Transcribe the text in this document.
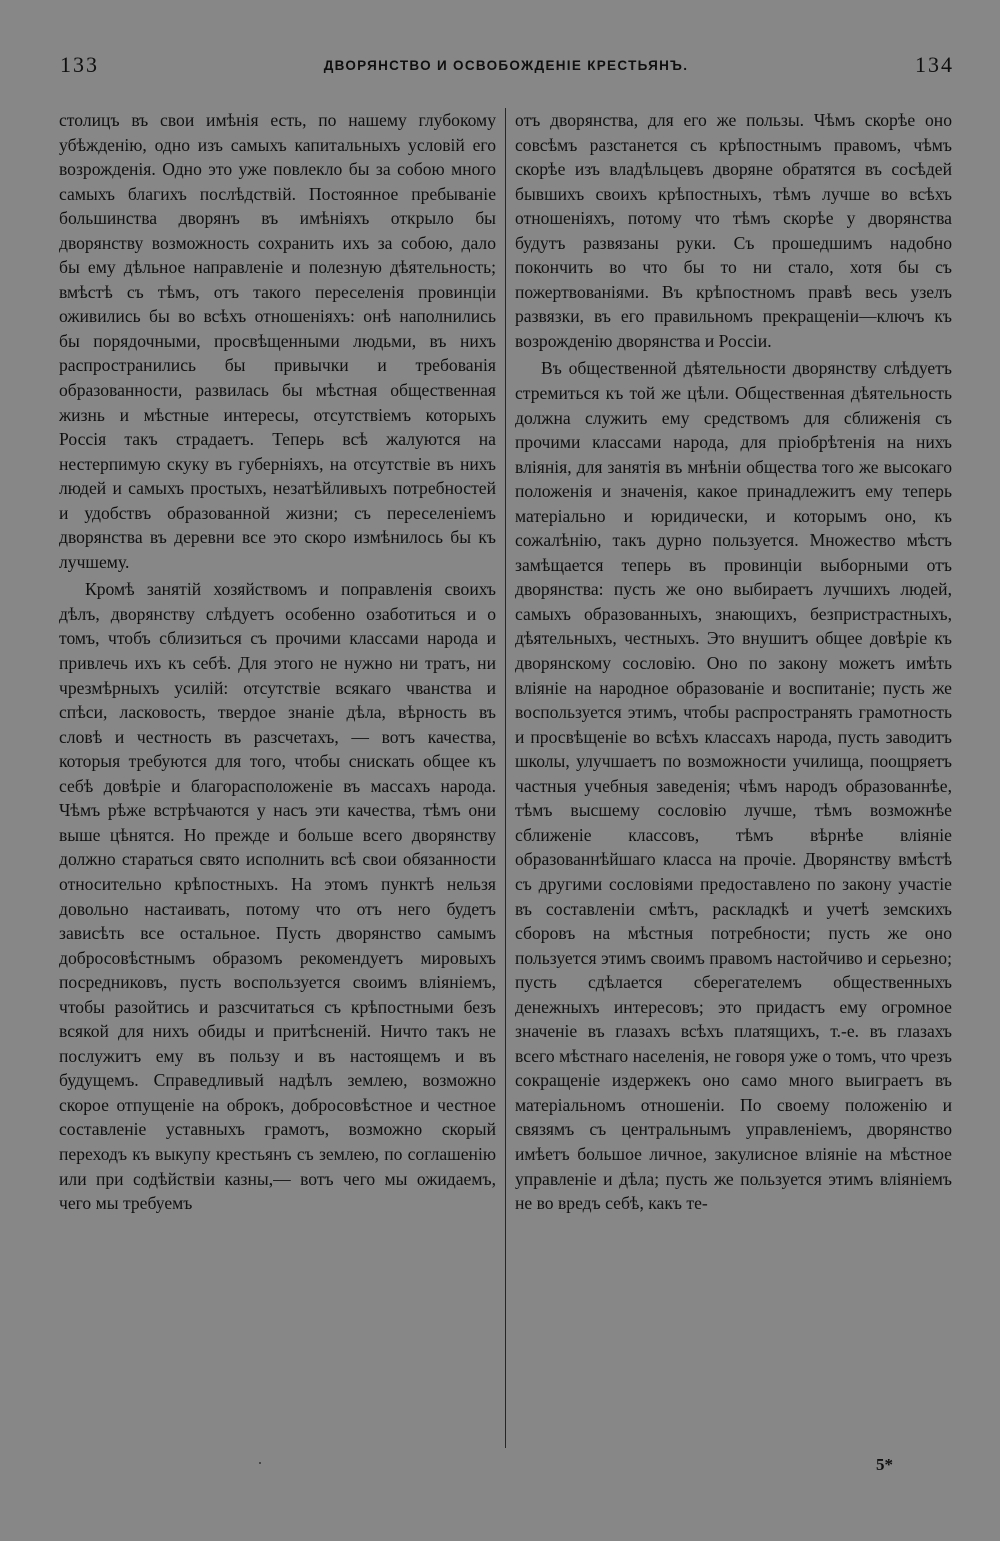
133	ДВОРЯНСТВО И ОСВОБОЖДЕНІЕ КРЕСТЬЯНЪ.	134

столицъ въ свои имѣнія есть, по нашему глубокому убѣжденію, одно изъ самыхъ капитальныхъ условій его возрожденія. Одно это уже повлекло бы за собою много самыхъ благихъ послѣдствій. Постоянное пребываніе большинства дворянъ въ имѣніяхъ открыло бы дворянству возможность сохранить ихъ за собою, дало бы ему дѣльное направленіе и полезную дѣятельность; вмѣстѣ съ тѣмъ, отъ такого переселенія провинціи оживились бы во всѣхъ отношеніяхъ: онѣ наполнились бы порядочными, просвѣщенными людьми, въ нихъ распространились бы привычки и требованія образованности, развилась бы мѣстная общественная жизнь и мѣстные интересы, отсутствіемъ которыхъ Россія такъ страдаетъ. Теперь всѣ жалуются на нестерпимую скуку въ губерніяхъ, на отсутствіе въ нихъ людей и самыхъ простыхъ, незатѣйливыхъ потребностей и удобствъ образованной жизни; съ переселеніемъ дворянства въ деревни все это скоро измѣнилось бы къ лучшему.

Кромѣ занятій хозяйствомъ и поправленія своихъ дѣлъ, дворянству слѣдуетъ особенно озаботиться и о томъ, чтобъ сблизиться съ прочими классами народа и привлечь ихъ къ себѣ. Для этого не нужно ни тратъ, ни чрезмѣрныхъ усилій: отсутствіе всякаго чванства и спѣси, ласковость, твердое знаніе дѣла, вѣрность въ словѣ и честность въ разсчетахъ, — вотъ качества, которыя требуются для того, чтобы снискать общее къ себѣ довѣріе и благорасположеніе въ массахъ народа. Чѣмъ рѣже встрѣчаются у насъ эти качества, тѣмъ они выше цѣнятся. Но прежде и больше всего дворянству должно стараться свято исполнить всѣ свои обязанности относительно крѣпостныхъ. На этомъ пунктѣ нельзя довольно настаивать, потому что отъ него будетъ зависѣть все остальное. Пусть дворянство самымъ добросовѣстнымъ образомъ рекомендуетъ мировыхъ посредниковъ, пусть воспользуется своимъ вліяніемъ, чтобы разойтись и разсчитаться съ крѣпостными безъ всякой для нихъ обиды и притѣсненій. Ничто такъ не послужитъ ему въ пользу и въ настоящемъ и въ будущемъ. Справедливый надѣлъ землею, возможно скорое отпущеніе на оброкъ, добросовѣстное и честное составленіе уставныхъ грамотъ, возможно скорый переходъ къ выкупу крестьянъ съ землею, по соглашенію или при содѣйствіи казны,— вотъ чего мы ожидаемъ, чего мы требуемъ

отъ дворянства, для его же пользы. Чѣмъ скорѣе оно совсѣмъ разстанется съ крѣпостнымъ правомъ, чѣмъ скорѣе изъ владѣльцевъ дворяне обратятся въ сосѣдей бывшихъ своихъ крѣпостныхъ, тѣмъ лучше во всѣхъ отношеніяхъ, потому что тѣмъ скорѣе у дворянства будутъ развязаны руки. Съ прошедшимъ надобно покончить во что бы то ни стало, хотя бы съ пожертвованіями. Въ крѣпостномъ правѣ весь узелъ развязки, въ его правильномъ прекращеніи—ключъ къ возрожденію дворянства и Россіи.

Въ общественной дѣятельности дворянству слѣдуетъ стремиться къ той же цѣли. Общественная дѣятельность должна служить ему средствомъ для сближенія съ прочими классами народа, для пріобрѣтенія на нихъ вліянія, для занятія въ мнѣніи общества того же высокаго положенія и значенія, какое принадлежитъ ему теперь матеріально и юридически, и которымъ оно, къ сожалѣнію, такъ дурно пользуется. Множество мѣстъ замѣщается теперь въ провинціи выборными отъ дворянства: пусть же оно выбираетъ лучшихъ людей, самыхъ образованныхъ, знающихъ, безпристрастныхъ, дѣятельныхъ, честныхъ. Это внушитъ общее довѣріе къ дворянскому сословію. Оно по закону можетъ имѣть вліяніе на народное образованіе и воспитаніе; пусть же воспользуется этимъ, чтобы распространять грамотность и просвѣщеніе во всѣхъ классахъ народа, пусть заводитъ школы, улучшаетъ по возможности училища, поощряетъ частныя учебныя заведенія; чѣмъ народъ образованнѣе, тѣмъ высшему сословію лучше, тѣмъ возможнѣе сближеніе классовъ, тѣмъ вѣрнѣе вліяніе образованнѣйшаго класса на прочіе. Дворянству вмѣстѣ съ другими сословіями предоставлено по закону участіе въ составленіи смѣтъ, раскладкѣ и учетѣ земскихъ сборовъ на мѣстныя потребности; пусть же оно пользуется этимъ своимъ правомъ настойчиво и серьезно; пусть сдѣлается сберегателемъ общественныхъ денежныхъ интересовъ; это придастъ ему огромное значеніе въ глазахъ всѣхъ платящихъ, т.-е. въ глазахъ всего мѣстнаго населенія, не говоря уже о томъ, что чрезъ сокращеніе издержекъ оно само много выиграетъ въ матеріальномъ отношеніи. По своему положенію и связямъ съ центральнымъ управленіемъ, дворянство имѣетъ большое личное, закулисное вліяніе на мѣстное управленіе и дѣла; пусть же пользуется этимъ вліяніемъ не во вредъ себѣ, какъ те-

5*
